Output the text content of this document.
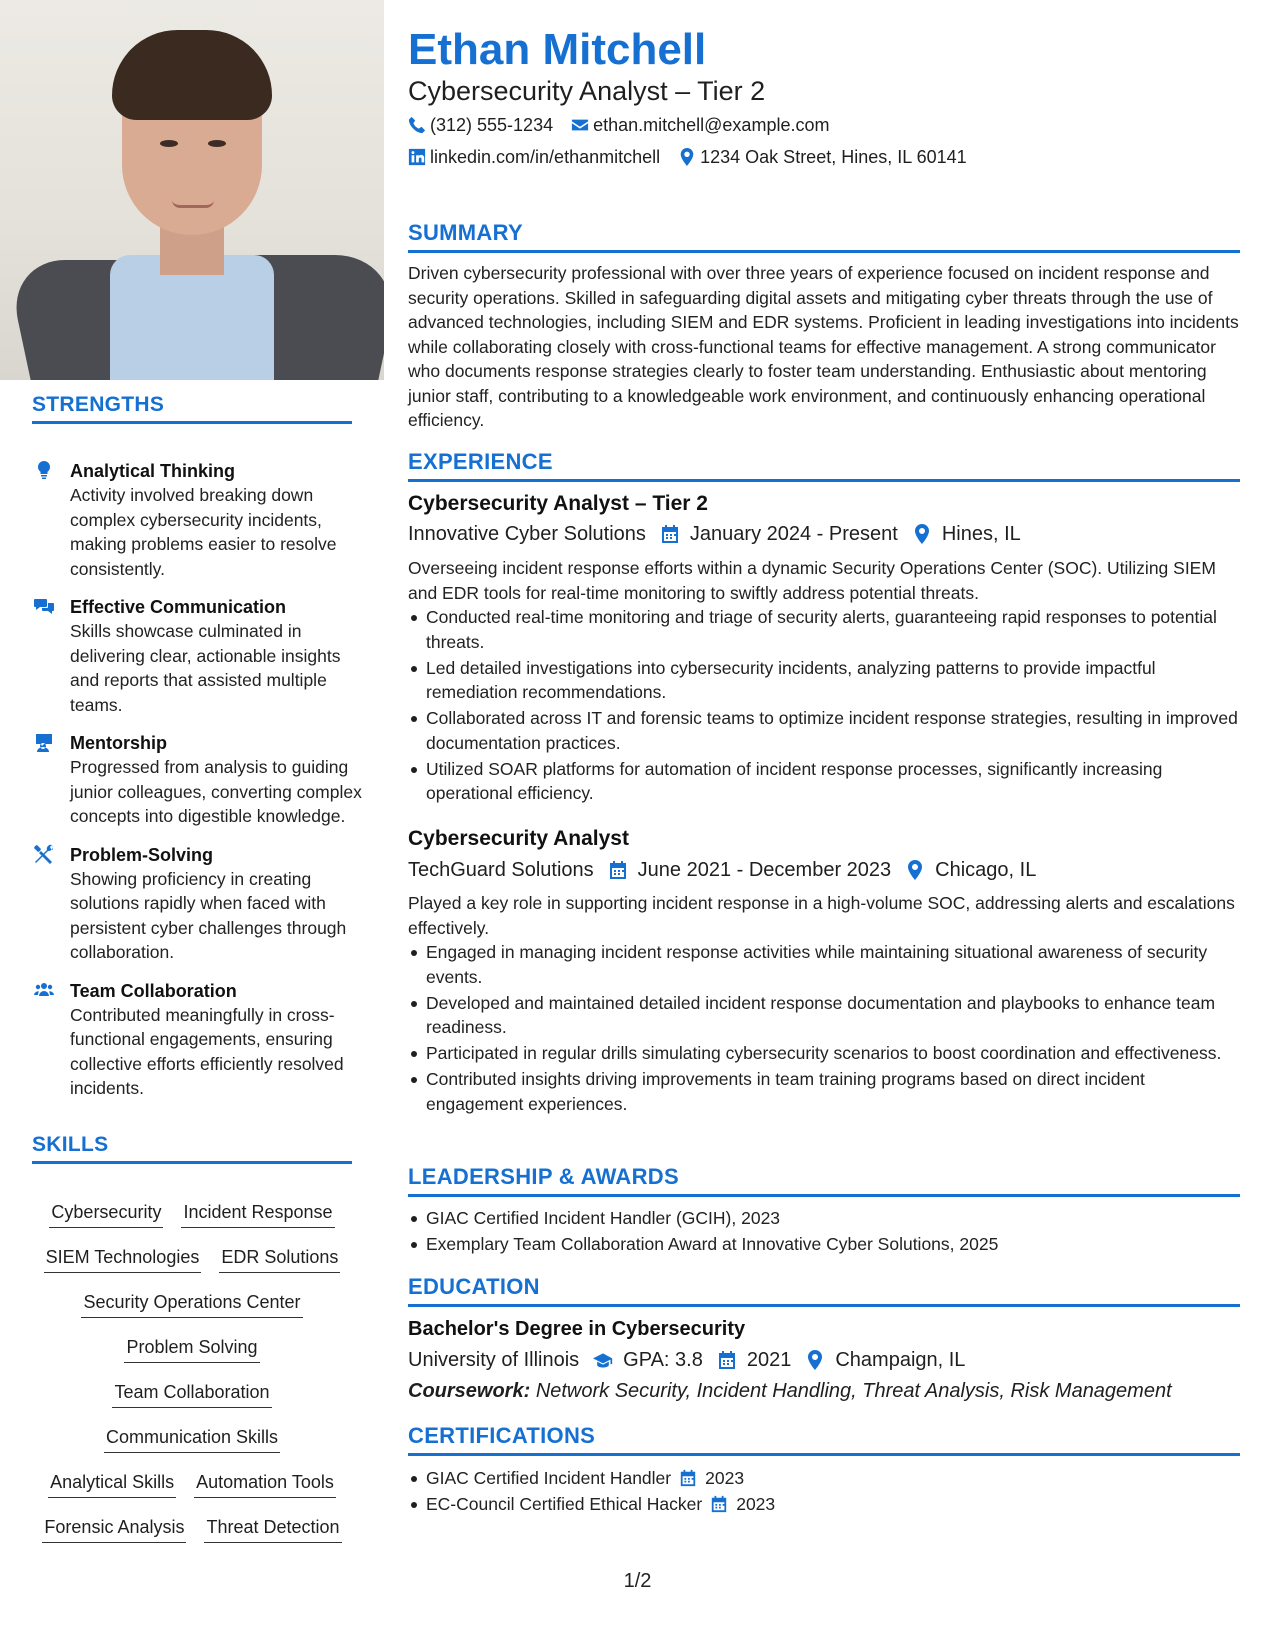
STRENGTHS
Analytical Thinking
Activity involved breaking down complex cybersecurity incidents, making problems easier to resolve consistently.
Effective Communication
Skills showcase culminated in delivering clear, actionable insights and reports that assisted multiple teams.
Mentorship
Progressed from analysis to guiding junior colleagues, converting complex concepts into digestible knowledge.
Problem-Solving
Showing proficiency in creating solutions rapidly when faced with persistent cyber challenges through collaboration.
Team Collaboration
Contributed meaningfully in cross-functional engagements, ensuring collective efforts efficiently resolved incidents.
SKILLS
Cybersecurity Incident Response
SIEM Technologies EDR Solutions
Security Operations Center
Problem Solving
Team Collaboration
Communication Skills
Analytical Skills Automation Tools
Forensic Analysis Threat Detection
Ethan Mitchell
Cybersecurity Analyst – Tier 2
(312) 555-1234 ethan.mitchell@example.com
linkedin.com/in/ethanmitchell 1234 Oak Street, Hines, IL 60141
SUMMARY
Driven cybersecurity professional with over three years of experience focused on incident response and security operations. Skilled in safeguarding digital assets and mitigating cyber threats through the use of advanced technologies, including SIEM and EDR systems. Proficient in leading investigations into incidents while collaborating closely with cross-functional teams for effective management. A strong communicator who documents response strategies clearly to foster team understanding. Enthusiastic about mentoring junior staff, contributing to a knowledgeable work environment, and continuously enhancing operational efficiency.
EXPERIENCE
Cybersecurity Analyst – Tier 2
Innovative Cyber Solutions January 2024 - Present Hines, IL
Overseeing incident response efforts within a dynamic Security Operations Center (SOC). Utilizing SIEM and EDR tools for real-time monitoring to swiftly address potential threats.
Conducted real-time monitoring and triage of security alerts, guaranteeing rapid responses to potential threats.
Led detailed investigations into cybersecurity incidents, analyzing patterns to provide impactful remediation recommendations.
Collaborated across IT and forensic teams to optimize incident response strategies, resulting in improved documentation practices.
Utilized SOAR platforms for automation of incident response processes, significantly increasing operational efficiency.
Cybersecurity Analyst
TechGuard Solutions June 2021 - December 2023 Chicago, IL
Played a key role in supporting incident response in a high-volume SOC, addressing alerts and escalations effectively.
Engaged in managing incident response activities while maintaining situational awareness of security events.
Developed and maintained detailed incident response documentation and playbooks to enhance team readiness.
Participated in regular drills simulating cybersecurity scenarios to boost coordination and effectiveness.
Contributed insights driving improvements in team training programs based on direct incident engagement experiences.
LEADERSHIP & AWARDS
GIAC Certified Incident Handler (GCIH), 2023
Exemplary Team Collaboration Award at Innovative Cyber Solutions, 2025
EDUCATION
Bachelor's Degree in Cybersecurity
University of Illinois GPA: 3.8 2021 Champaign, IL
Coursework: Network Security, Incident Handling, Threat Analysis, Risk Management
CERTIFICATIONS
GIAC Certified Incident Handler 2023
EC-Council Certified Ethical Hacker 2023
1/2
